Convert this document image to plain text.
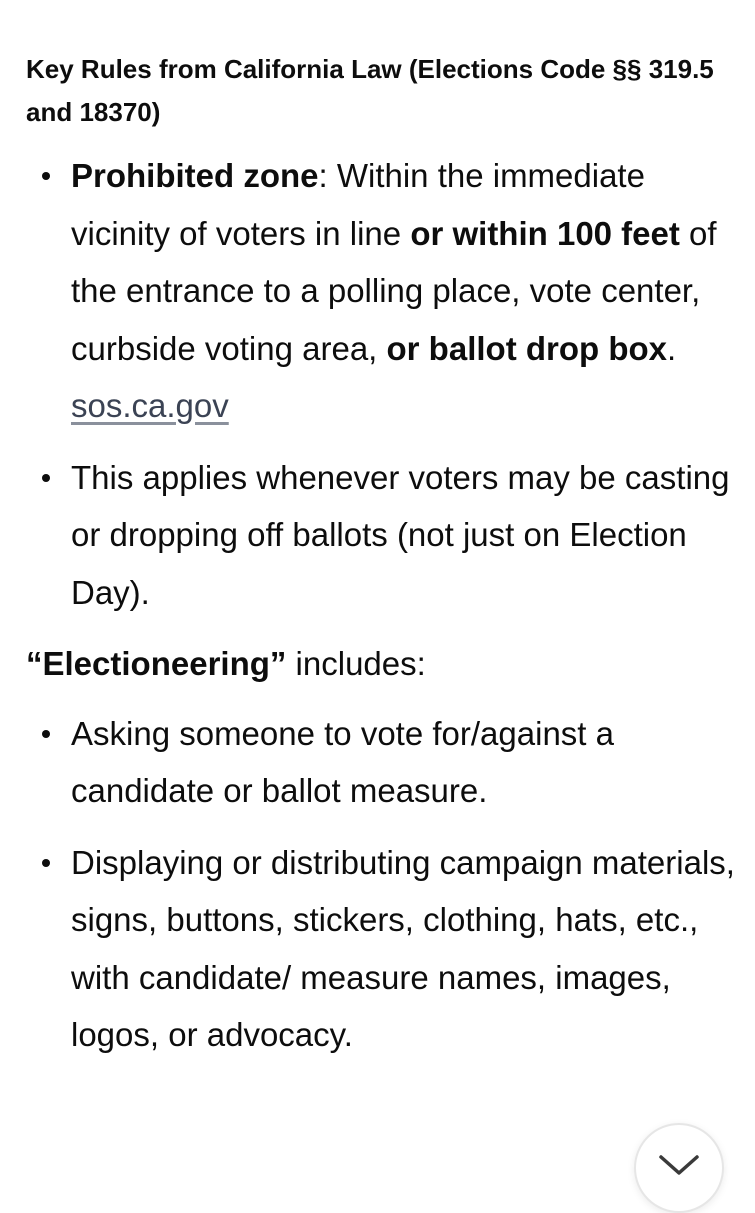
Key Rules from California Law (Elections Code §§ 319.5 and 18370)
Prohibited zone: Within the immediate vicinity of voters in line or within 100 feet of the entrance to a polling place, vote center, curbside voting area, or ballot drop box.
sos.ca.gov
This applies whenever voters may be casting or dropping off ballots (not just on Election Day).
“Electioneering” includes:
Asking someone to vote for/against a candidate or ballot measure.
Displaying or distributing campaign materials, signs, buttons, stickers, clothing, hats, etc., with candidate/ measure names, images, logos, or advocacy.
